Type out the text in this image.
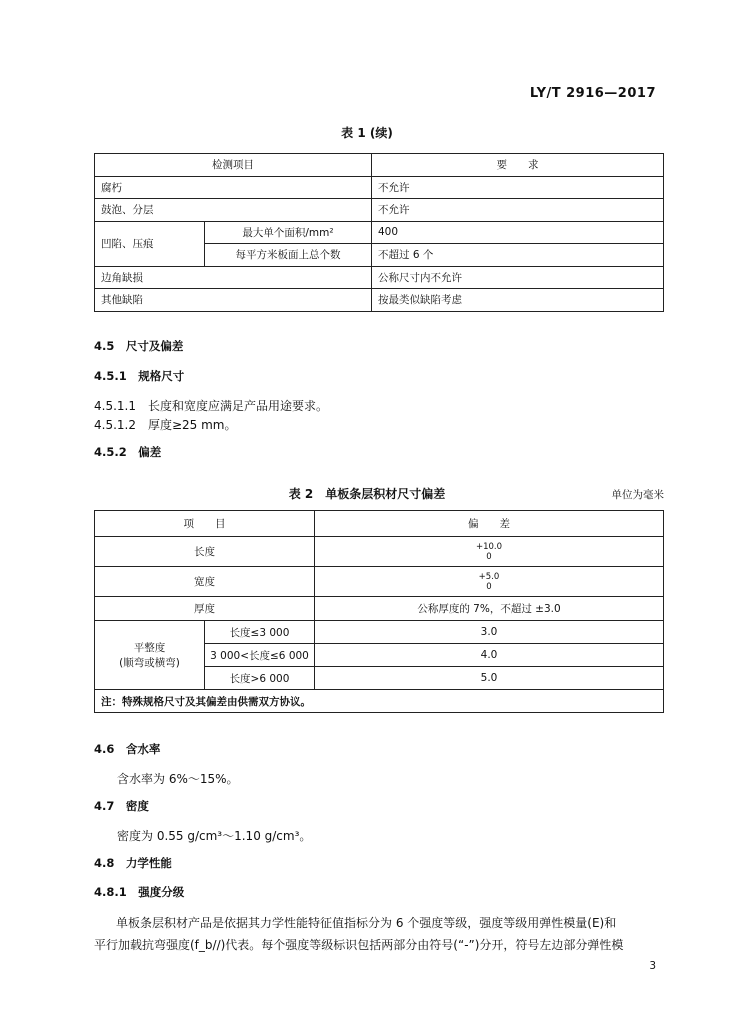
LY/T 2916—2017
表 1 (续)
检测项目		要　　求
腐朽		不允许
鼓泡、分层		不允许
凹陷、压痕	最大单个面积/mm²	400
	每平方米板面上总个数	不超过 6 个
边角缺损		公称尺寸内不允许
其他缺陷		按最类似缺陷考虑
4.5　尺寸及偏差
4.5.1　规格尺寸
4.5.1.1　长度和宽度应满足产品用途要求。
4.5.1.2　厚度≥25 mm。
4.5.2　偏差
表 2　单板条层积材尺寸偏差	单位为毫米
项　　目		偏　　差
长度		+10.0
0

宽度		+5.0
0

厚度		公称厚度的 7%，不超过 ±3.0

平整度
(顺弯或横弯)	长度≤3 000	3.0
	3 000<长度≤6 000	4.0
	长度>6 000	5.0
注：特殊规格尺寸及其偏差由供需双方协议。		
4.6　含水率
含水率为 6%～15%。
4.7　密度
密度为 0.55 g/cm³～1.10 g/cm³。
4.8　力学性能
4.8.1　强度分级
单板条层积材产品是依据其力学性能特征值指标分为 6 个强度等级，强度等级用弹性模量(E)和
平行加载抗弯强度(f_b//)代表。每个强度等级标识包括两部分由符号(“-”)分开，符号左边部分弹性模
3
